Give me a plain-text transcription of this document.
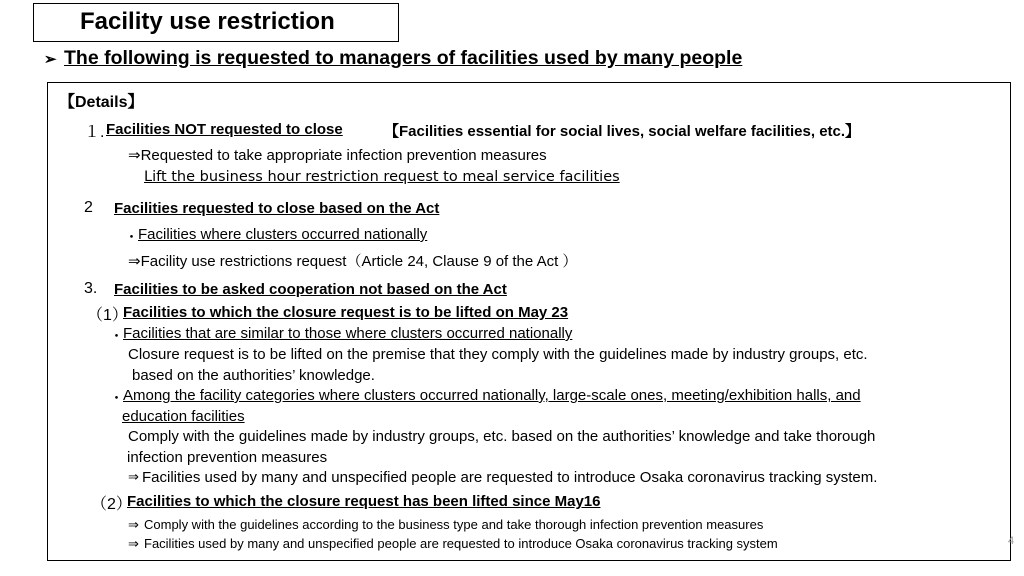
Facility use restriction
➢ The following is requested to managers of facilities used by many people
【Details】
１. Facilities NOT requested to close	【Facilities essential for social lives, social welfare facilities, etc.】
⇒Requested to take appropriate infection prevention measures
Lift the business hour restriction request to meal service facilities
2 Facilities requested to close based on the Act
・
Facilities where clusters occurred nationally
⇒Facility use restrictions request（Article 24, Clause 9 of the Act ）
3. Facilities to be asked cooperation not based on the Act
（1）
Facilities to which the closure request is to be lifted on May 23
・
Facilities that are similar to those where clusters occurred nationally
Closure request is to be lifted on the premise that they comply with the guidelines made by industry groups, etc.
based on the authorities’ knowledge.
・
Among the facility categories where clusters occurred nationally, large-scale ones, meeting/exhibition halls, and
education facilities
Comply with the guidelines made by industry groups, etc. based on the authorities’ knowledge and take thorough
infection prevention measures
⇒ Facilities used by many and unspecified people are requested to introduce Osaka coronavirus tracking system.
（2）
Facilities to which the closure request has been lifted since May16
⇒ Comply with the guidelines according to the business type and take thorough infection prevention measures
⇒ Facilities used by many and unspecified people are requested to introduce Osaka coronavirus tracking system	4
